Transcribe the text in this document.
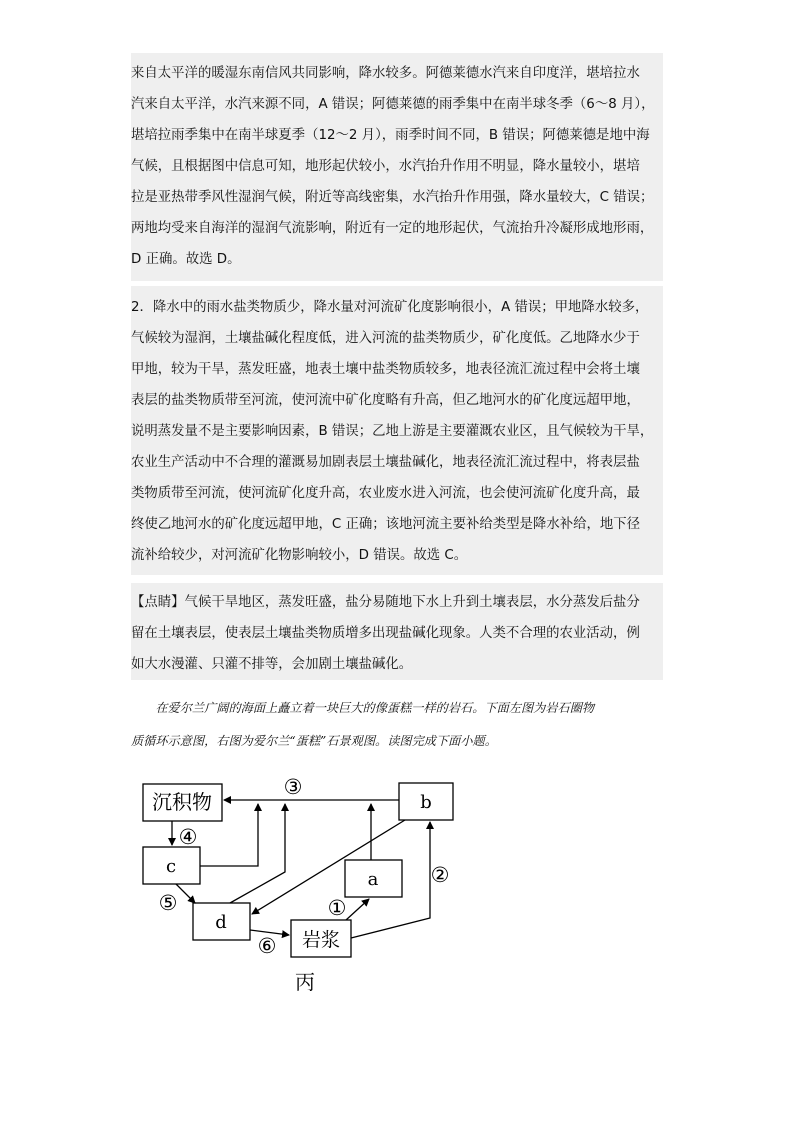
来自太平洋的暖湿东南信风共同影响，降水较多。阿德莱德水汽来自印度洋，堪培拉水
汽来自太平洋，水汽来源不同，A 错误；阿德莱德的雨季集中在南半球冬季（6～8 月），
堪培拉雨季集中在南半球夏季（12～2 月），雨季时间不同，B 错误；阿德莱德是地中海
气候，且根据图中信息可知，地形起伏较小，水汽抬升作用不明显，降水量较小，堪培
拉是亚热带季风性湿润气候，附近等高线密集，水汽抬升作用强，降水量较大，C 错误；
两地均受来自海洋的湿润气流影响，附近有一定的地形起伏，气流抬升冷凝形成地形雨，
D 正确。故选 D。
2．降水中的雨水盐类物质少，降水量对河流矿化度影响很小，A 错误；甲地降水较多，
气候较为湿润，土壤盐碱化程度低，进入河流的盐类物质少，矿化度低。乙地降水少于
甲地，较为干旱，蒸发旺盛，地表土壤中盐类物质较多，地表径流汇流过程中会将土壤
表层的盐类物质带至河流，使河流中矿化度略有升高，但乙地河水的矿化度远超甲地，
说明蒸发量不是主要影响因素，B 错误；乙地上游是主要灌溉农业区，且气候较为干旱，
农业生产活动中不合理的灌溉易加剧表层土壤盐碱化，地表径流汇流过程中，将表层盐
类物质带至河流，使河流矿化度升高，农业废水进入河流，也会使河流矿化度升高，最
终使乙地河水的矿化度远超甲地，C 正确；该地河流主要补给类型是降水补给，地下径
流补给较少，对河流矿化物影响较小，D 错误。故选 C。
【点睛】气候干旱地区，蒸发旺盛，盐分易随地下水上升到土壤表层，水分蒸发后盐分
留在土壤表层，使表层土壤盐类物质增多出现盐碱化现象。人类不合理的农业活动，例
如大水漫灌、只灌不排等，会加剧土壤盐碱化。
　　在爱尔兰广阔的海面上矗立着一块巨大的像蛋糕一样的岩石。下面左图为岩石圈物
质循环示意图，右图为爱尔兰“蛋糕”石景观图。读图完成下面小题。
沉积物	b
c
a
d
岩浆
③
④
⑤
⑥
①
②
丙
